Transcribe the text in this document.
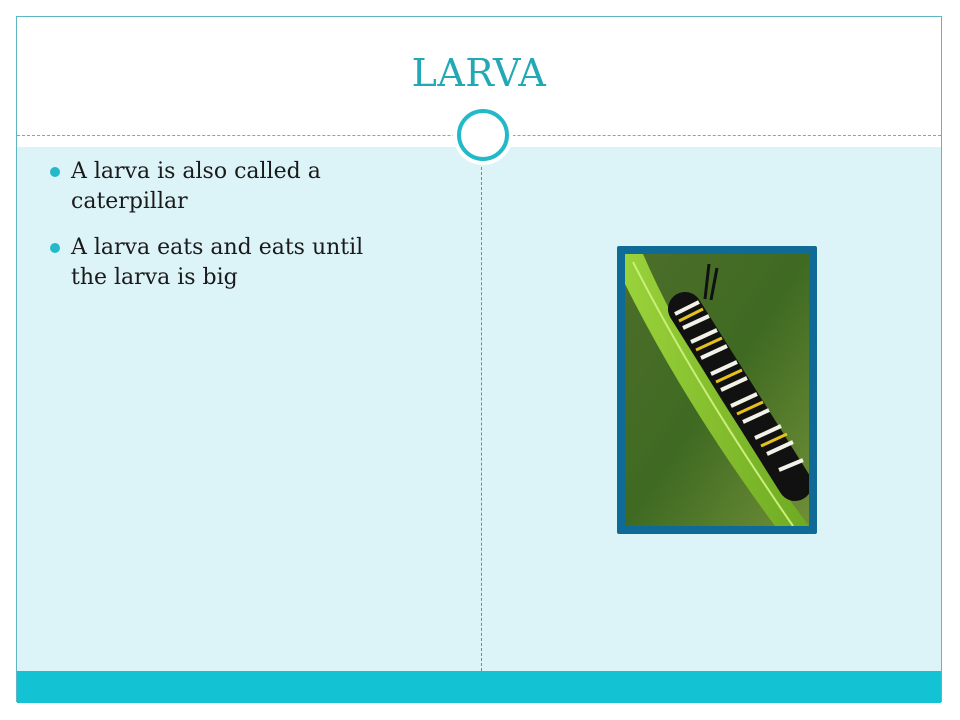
LARVA
A larva is also called a caterpillar
A larva eats and eats until the larva is big
